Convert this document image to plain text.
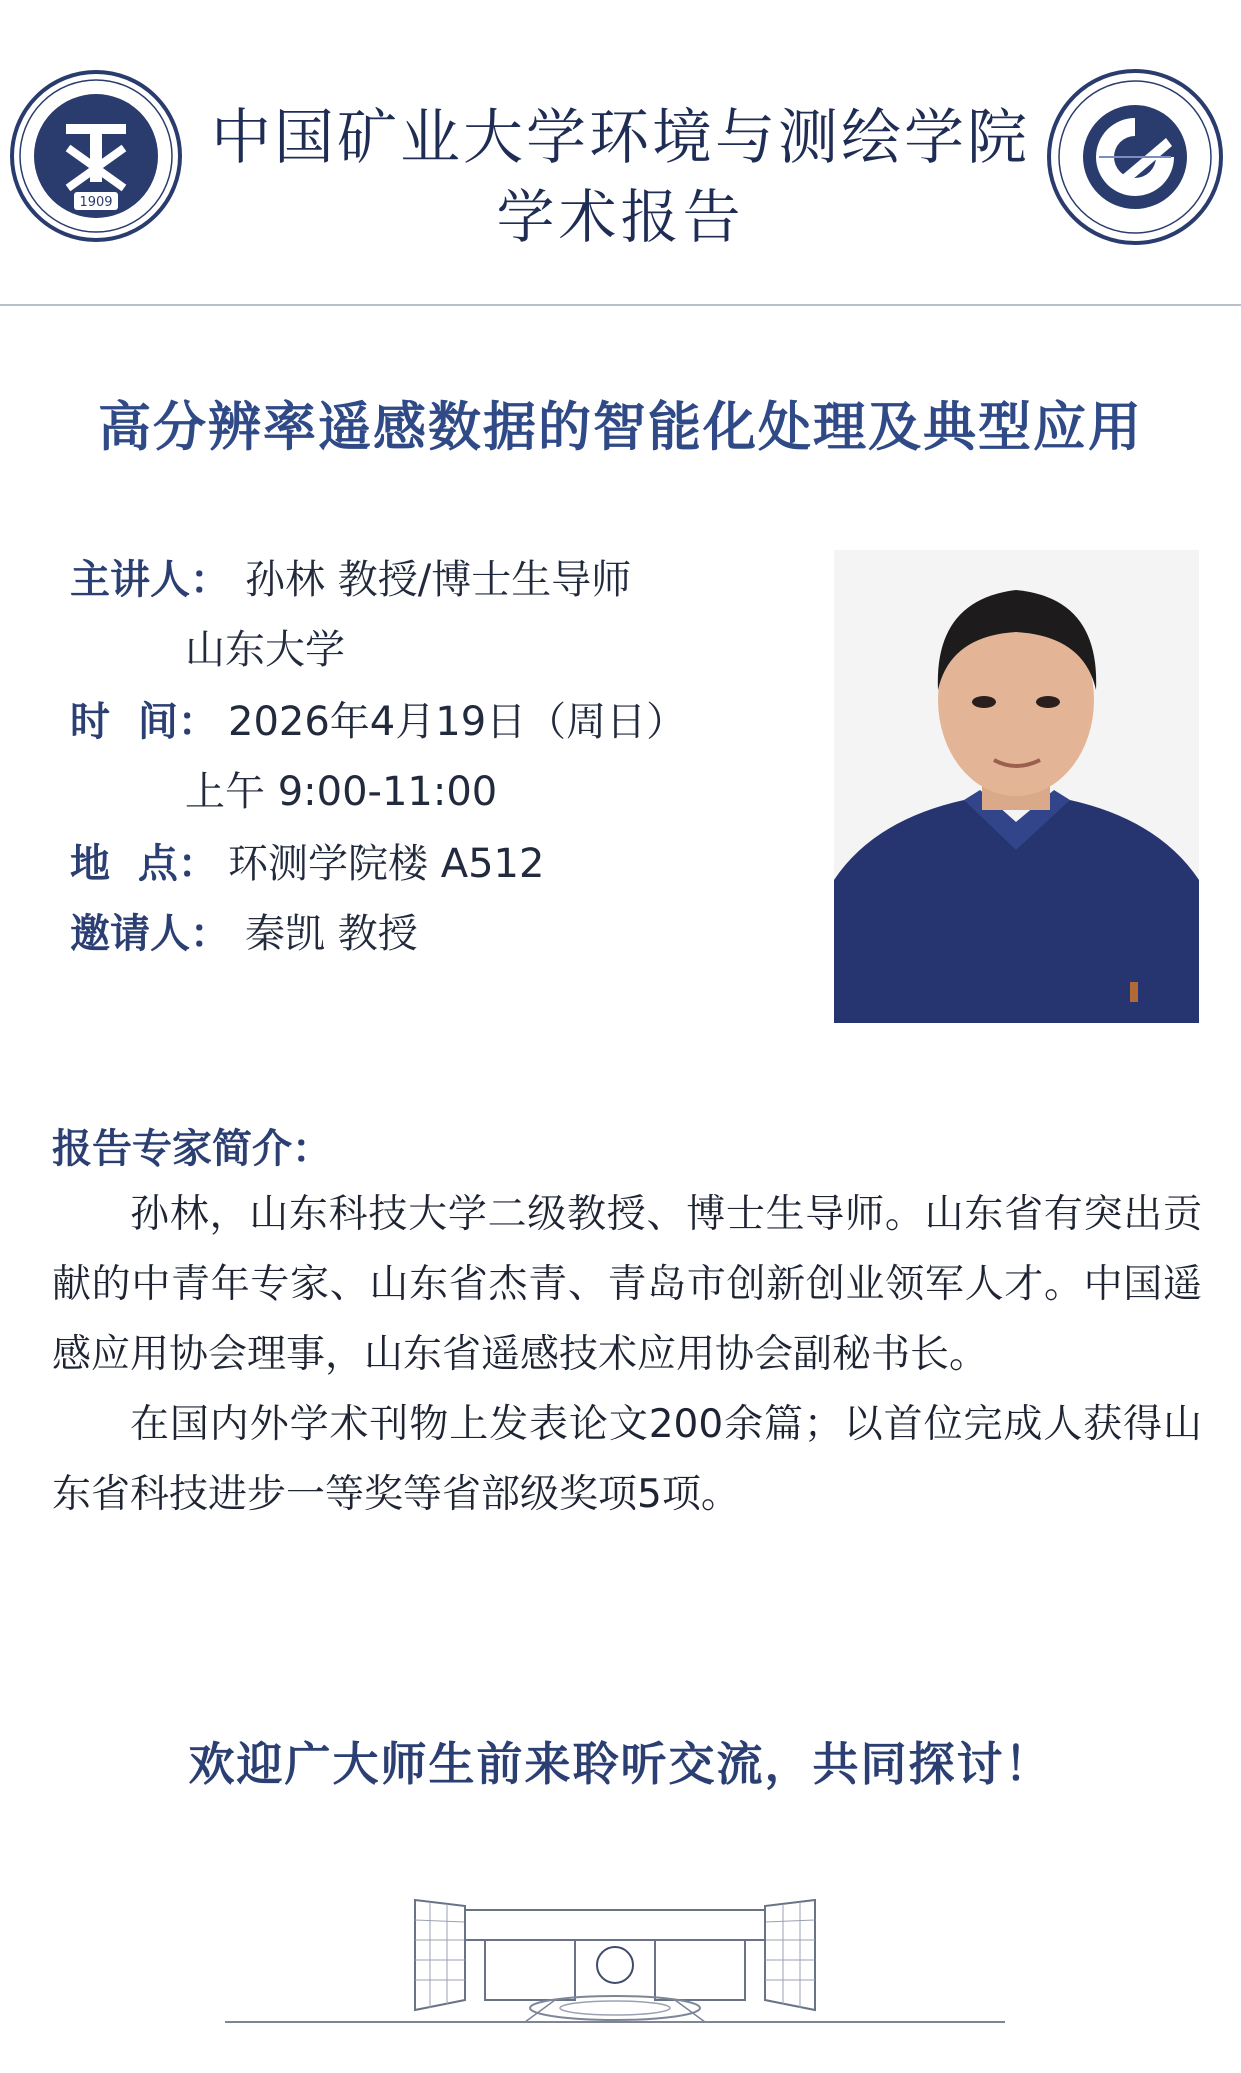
1909
中国矿业大学环境与测绘学院
学术报告
高分辨率遥感数据的智能化处理及典型应用
主讲人： 孙林 教授/博士生导师
山东大学
时  间： 2026年4月19日（周日）
上午 9:00-11:00
地  点： 环测学院楼 A512
邀请人： 秦凯 教授
报告专家简介：

孙林，山东科技大学二级教授、博士生导师。山东省有突出贡献的中青年专家、山东省杰青、青岛市创新创业领军人才。中国遥感应用协会理事，山东省遥感技术应用协会副秘书长。

在国内外学术刊物上发表论文200余篇；以首位完成人获得山东省科技进步一等奖等省部级奖项5项。

欢迎广大师生前来聆听交流，共同探讨！
